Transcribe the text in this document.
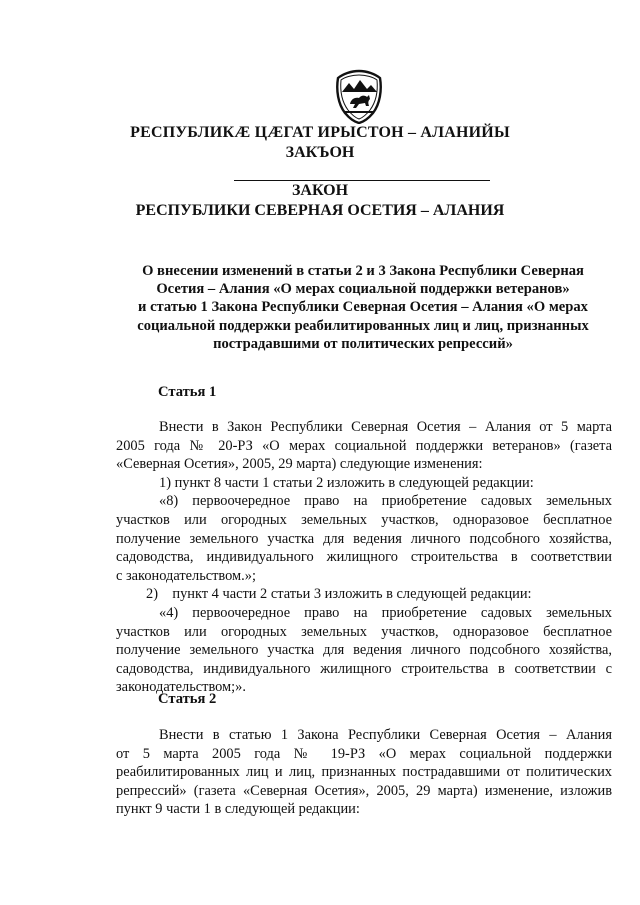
РЕСПУБЛИКӔ ЦӔГАТ ИРЫСТОН – АЛАНИЙЫ
ЗАКЪОН
ЗАКОН
РЕСПУБЛИКИ СЕВЕРНАЯ ОСЕТИЯ – АЛАНИЯ
О внесении изменений в статьи 2 и 3 Закона Республики Северная
Осетия – Алания «О мерах социальной поддержки ветеранов»
и статью 1 Закона Республики Северная Осетия – Алания «О мерах
социальной поддержки реабилитированных лиц и лиц, признанных
пострадавшими от политических репрессий»
Статья 1
Внести в Закон Республики Северная Осетия – Алания от 5 марта
2005 года № 20-РЗ «О мерах социальной поддержки ветеранов» (газета
«Северная Осетия», 2005, 29 марта) следующие изменения:
1) пункт 8 части 1 статьи 2 изложить в следующей редакции:
«8) первоочередное право на приобретение садовых земельных
участков или огородных земельных участков, одноразовое бесплатное
получение земельного участка для ведения личного подсобного хозяйства,
садоводства, индивидуального жилищного строительства в соответствии
с законодательством.»;
2)    пункт 4 части 2 статьи 3 изложить в следующей редакции:
«4) первоочередное право на приобретение садовых земельных
участков или огородных земельных участков, одноразовое бесплатное
получение земельного участка для ведения личного подсобного хозяйства,
садоводства, индивидуального жилищного строительства в соответствии с
законодательством;».
Статья 2
Внести в статью 1 Закона Республики Северная Осетия – Алания
от 5 марта 2005 года № 19-РЗ «О мерах социальной поддержки
реабилитированных лиц и лиц, признанных пострадавшими от политических
репрессий» (газета «Северная Осетия», 2005, 29 марта) изменение, изложив
пункт 9 части 1 в следующей редакции:
